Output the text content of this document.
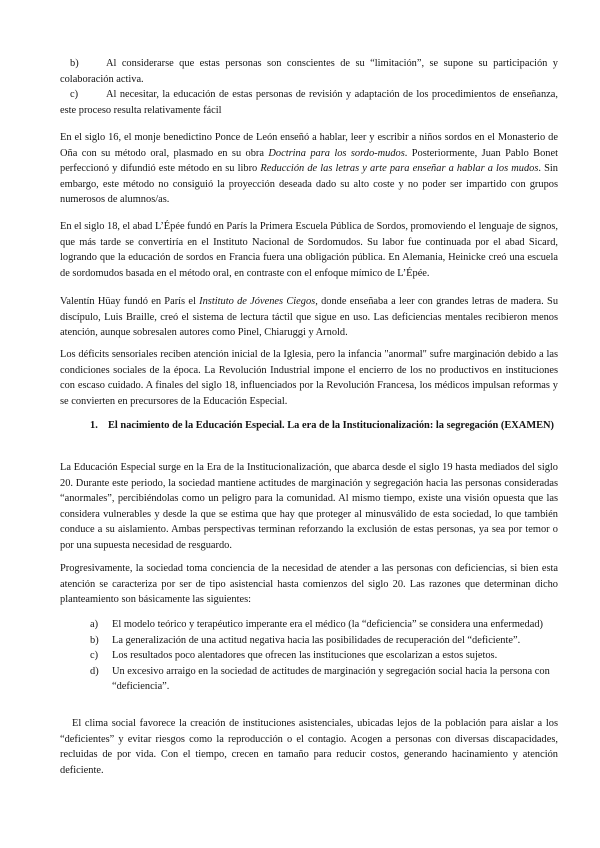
b)	Al considerarse que estas personas son conscientes de su “limitación”, se supone su participación y colaboración activa.
c)	Al necesitar, la educación de estas personas de revisión y adaptación de los procedimientos de enseñanza, este proceso resulta relativamente fácil

En el siglo 16, el monje benedictino Ponce de León enseñó a hablar, leer y escribir a niños sordos en el Monasterio de Oña con su método oral, plasmado en su obra Doctrina para los sordo-mudos. Posteriormente, Juan Pablo Bonet perfeccionó y difundió este método en su libro Reducción de las letras y arte para enseñar a hablar a los mudos. Sin embargo, este método no consiguió la proyección deseada dado su alto coste y no poder ser impartido con grupos numerosos de alumnos/as.

En el siglo 18, el abad L’Épée fundó en París la Primera Escuela Pública de Sordos, promoviendo el lenguaje de signos, que más tarde se convertiría en el Instituto Nacional de Sordomudos. Su labor fue continuada por el abad Sicard, logrando que la educación de sordos en Francia fuera una obligación pública. En Alemania, Heinicke creó una escuela de sordomudos basada en el método oral, en contraste con el enfoque mímico de L’Épée.

Valentín Hüay fundó en París el Instituto de Jóvenes Ciegos, donde enseñaba a leer con grandes letras de madera. Su discípulo, Luis Braille, creó el sistema de lectura táctil que sigue en uso. Las deficiencias mentales recibieron menos atención, aunque sobresalen autores como Pinel, Chiaruggi y Arnold.

Los déficits sensoriales reciben atención inicial de la Iglesia, pero la infancia "anormal" sufre marginación debido a las condiciones sociales de la época. La Revolución Industrial impone el encierro de los no productivos en instituciones con escaso cuidado. A finales del siglo 18, influenciados por la Revolución Francesa, los médicos impulsan reformas y se convierten en precursores de la Educación Especial.

1. El nacimiento de la Educación Especial. La era de la Institucionalización: la segregación (EXAMEN)

La Educación Especial surge en la Era de la Institucionalización, que abarca desde el siglo 19 hasta mediados del siglo 20. Durante este periodo, la sociedad mantiene actitudes de marginación y segregación hacia las personas consideradas “anormales”, percibiéndolas como un peligro para la comunidad. Al mismo tiempo, existe una visión opuesta que las considera vulnerables y desde la que se estima que hay que proteger al minusválido de esta sociedad, lo que también conduce a su aislamiento. Ambas perspectivas terminan reforzando la exclusión de estas personas, ya sea por temor o por una supuesta necesidad de resguardo.

Progresivamente, la sociedad toma conciencia de la necesidad de atender a las personas con deficiencias, si bien esta atención se caracteriza por ser de tipo asistencial hasta comienzos del siglo 20. Las razones que determinan dicho planteamiento son básicamente las siguientes:

a) El modelo teórico y terapéutico imperante era el médico (la “deficiencia” se considera una enfermedad)
b) La generalización de una actitud negativa hacia las posibilidades de recuperación del “deficiente”.
c) Los resultados poco alentadores que ofrecen las instituciones que escolarizan a estos sujetos.
d) Un excesivo arraigo en la sociedad de actitudes de marginación y segregación social hacia la persona con “deficiencia”.

El clima social favorece la creación de instituciones asistenciales, ubicadas lejos de la población para aislar a los “deficientes” y evitar riesgos como la reproducción o el contagio. Acogen a personas con diversas discapacidades, recluidas de por vida. Con el tiempo, crecen en tamaño para reducir costos, generando hacinamiento y atención deficiente.
